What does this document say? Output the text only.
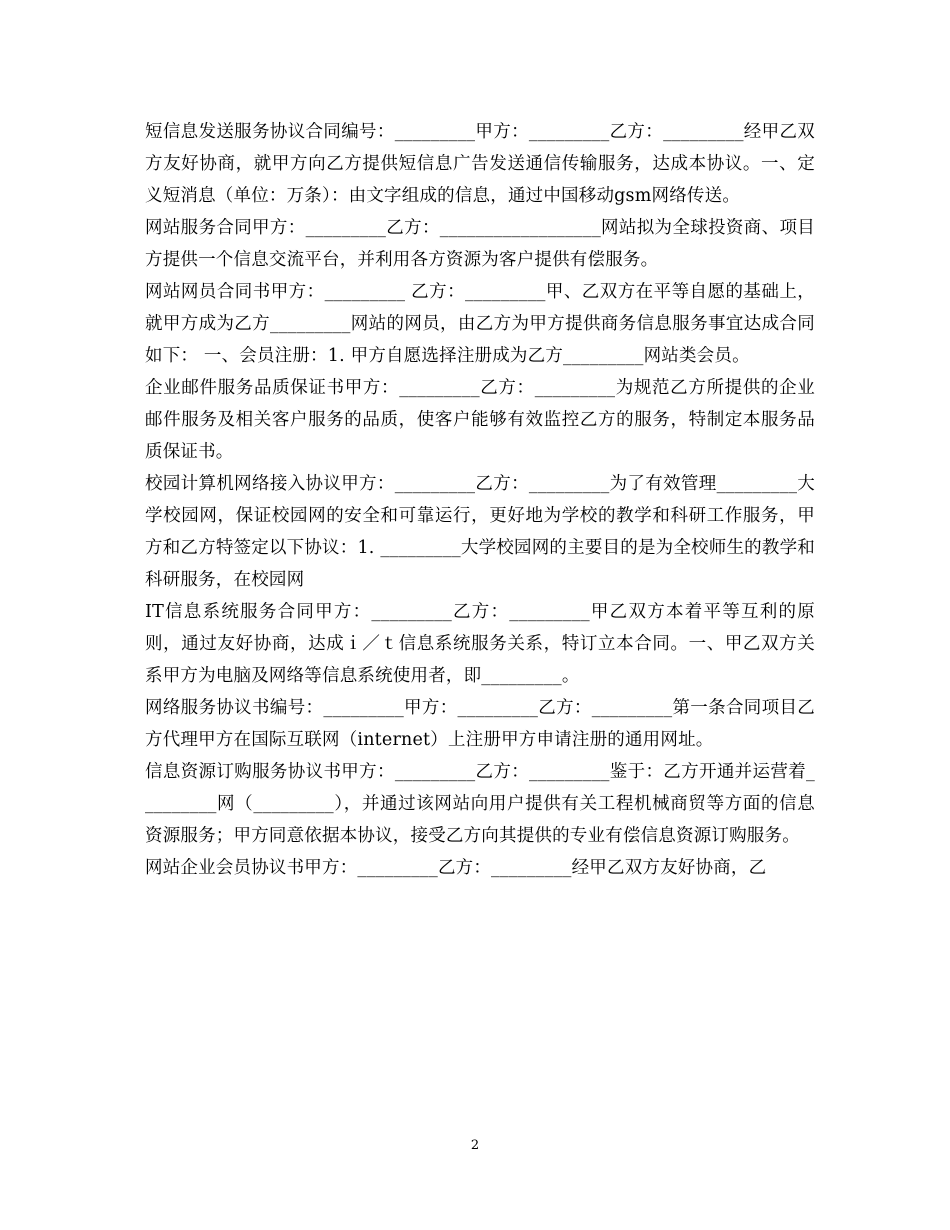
短信息发送服务协议合同编号：_________甲方：_________乙方：_________经甲乙双方友好协商，就甲方向乙方提供短信息广告发送通信传输服务，达成本协议。一、定义短消息（单位：万条）：由文字组成的信息，通过中国移动gsm网络传送。

网站服务合同甲方：_________乙方：__________________网站拟为全球投资商、项目方提供一个信息交流平台，并利用各方资源为客户提供有偿服务。

网站网员合同书甲方：_________ 乙方：_________甲、乙双方在平等自愿的基础上，就甲方成为乙方_________网站的网员，由乙方为甲方提供商务信息服务事宜达成合同如下： 一、会员注册：1. 甲方自愿选择注册成为乙方_________网站类会员。

企业邮件服务品质保证书甲方：_________乙方：_________为规范乙方所提供的企业邮件服务及相关客户服务的品质，使客户能够有效监控乙方的服务，特制定本服务品质保证书。

校园计算机网络接入协议甲方：_________乙方：_________为了有效管理_________大学校园网，保证校园网的安全和可靠运行，更好地为学校的教学和科研工作服务，甲方和乙方特签定以下协议：1. _________大学校园网的主要目的是为全校师生的教学和科研服务，在校园网

IT信息系统服务合同甲方：_________乙方：_________甲乙双方本着平等互利的原则，通过友好协商，达成ｉ／ｔ信息系统服务关系，特订立本合同。一、甲乙双方关系甲方为电脑及网络等信息系统使用者，即_________。

网络服务协议书编号：_________甲方：_________乙方：_________第一条合同项目乙方代理甲方在国际互联网（internet）上注册甲方申请注册的通用网址。

信息资源订购服务协议书甲方：_________乙方：_________鉴于：乙方开通并运营着_________网（_________），并通过该网站向用户提供有关工程机械商贸等方面的信息资源服务；甲方同意依据本协议，接受乙方向其提供的专业有偿信息资源订购服务。

网站企业会员协议书甲方：_________乙方：_________经甲乙双方友好协商，乙

2
